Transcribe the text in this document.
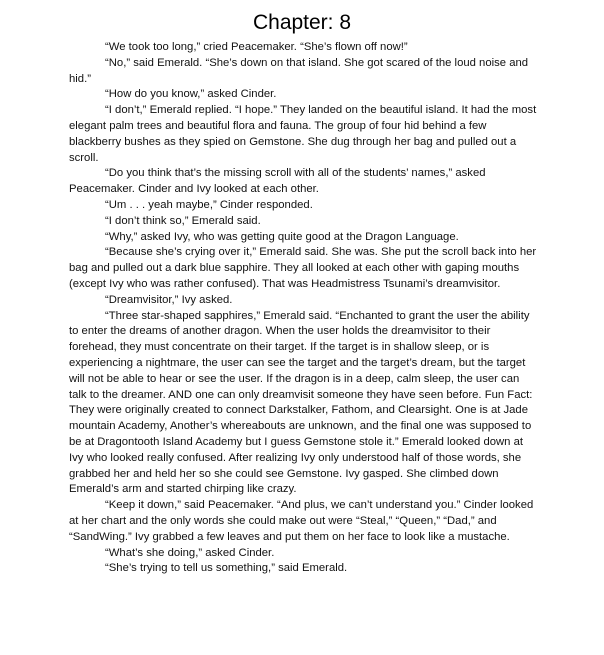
Chapter: 8

“We took too long,” cried Peacemaker. “She’s flown off now!”

“No,” said Emerald. “She’s down on that island. She got scared of the loud noise and hid.”

“How do you know,” asked Cinder.

“I don’t,” Emerald replied. “I hope.” They landed on the beautiful island. It had the most elegant palm trees and beautiful flora and fauna. The group of four hid behind a few blackberry bushes as they spied on Gemstone. She dug through her bag and pulled out a scroll.

“Do you think that’s the missing scroll with all of the students’ names,” asked Peacemaker. Cinder and Ivy looked at each other.

“Um . . . yeah maybe,” Cinder responded.

“I don’t think so,” Emerald said.

“Why,” asked Ivy, who was getting quite good at the Dragon Language.

“Because she’s crying over it,” Emerald said. She was. She put the scroll back into her bag and pulled out a dark blue sapphire. They all looked at each other with gaping mouths (except Ivy who was rather confused). That was Headmistress Tsunami’s dreamvisitor.

“Dreamvisitor,” Ivy asked.

“Three star-shaped sapphires,” Emerald said. “Enchanted to grant the user the ability to enter the dreams of another dragon. When the user holds the dreamvisitor to their forehead, they must concentrate on their target. If the target is in shallow sleep, or is experiencing a nightmare, the user can see the target and the target’s dream, but the target will not be able to hear or see the user. If the dragon is in a deep, calm sleep, the user can talk to the dreamer. AND one can only dreamvisit someone they have seen before. Fun Fact: They were originally created to connect Darkstalker, Fathom, and Clearsight. One is at Jade mountain Academy, Another’s whereabouts are unknown, and the final one was supposed to be at Dragontooth Island Academy but I guess Gemstone stole it.” Emerald looked down at Ivy who looked really confused. After realizing Ivy only understood half of those words, she grabbed her and held her so she could see Gemstone. Ivy gasped. She climbed down Emerald’s arm and started chirping like crazy.

“Keep it down,” said Peacemaker. “And plus, we can’t understand you.” Cinder looked at her chart and the only words she could make out were “Steal,” “Queen,” “Dad,” and “SandWing.” Ivy grabbed a few leaves and put them on her face to look like a mustache.

“What’s she doing,” asked Cinder.

“She’s trying to tell us something,” said Emerald.
